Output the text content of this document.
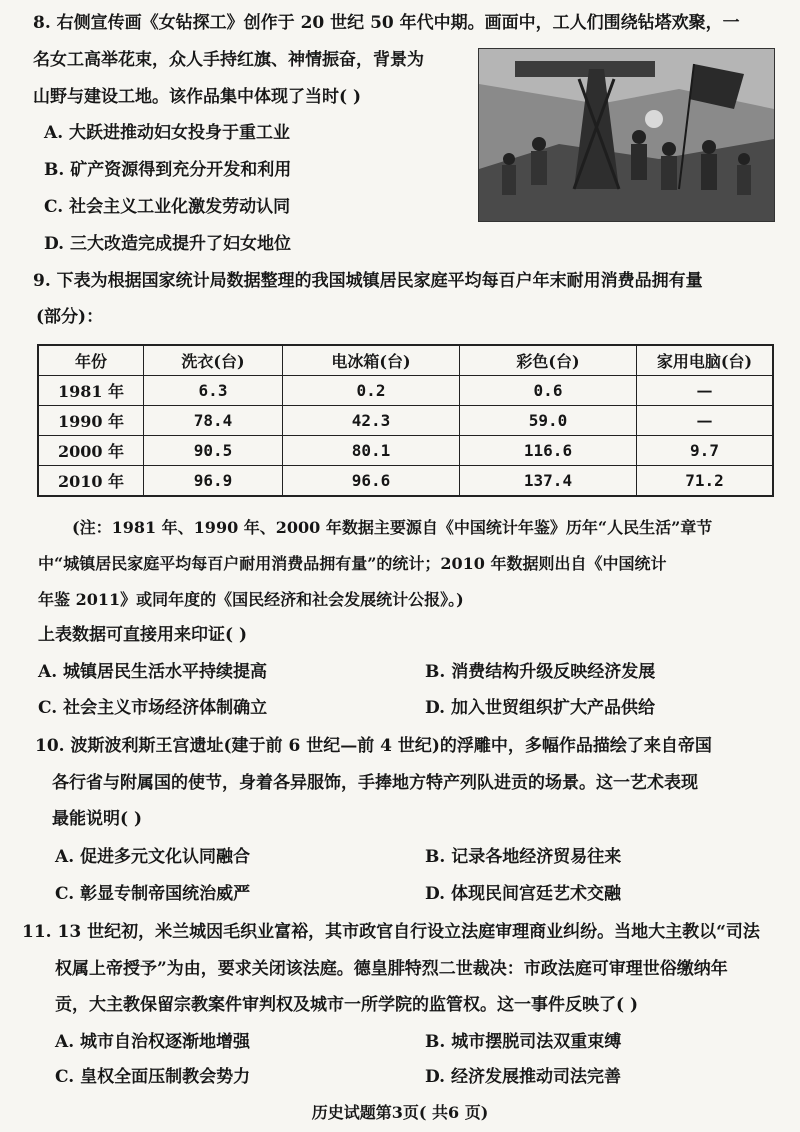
8. 右侧宣传画《女钻探工》创作于 20 世纪 50 年代中期。画面中，工人们围绕钻塔欢聚，一
名女工高举花束，众人手持红旗、神情振奋，背景为
山野与建设工地。该作品集中体现了当时( )
A. 大跃进推动妇女投身于重工业
B. 矿产资源得到充分开发和利用
C. 社会主义工业化激发劳动认同
D. 三大改造完成提升了妇女地位
9. 下表为根据国家统计局数据整理的我国城镇居民家庭平均每百户年末耐用消费品拥有量
(部分)：
年份	洗衣(台)	电冰箱(台)	彩色(台)	家用电脑(台)
1981 年	6.3	0.2	0.6	—
1990 年	78.4	42.3	59.0	—
2000 年	90.5	80.1	116.6	9.7
2010 年	96.9	96.6	137.4	71.2
(注：1981 年、1990 年、2000 年数据主要源自《中国统计年鉴》历年“人民生活”章节
中“城镇居民家庭平均每百户耐用消费品拥有量”的统计；2010 年数据则出自《中国统计
年鉴 2011》或同年度的《国民经济和社会发展统计公报》。)
上表数据可直接用来印证( )
A. 城镇居民生活水平持续提高	B. 消费结构升级反映经济发展
C. 社会主义市场经济体制确立	D. 加入世贸组织扩大产品供给
10. 波斯波利斯王宫遗址(建于前 6 世纪—前 4 世纪)的浮雕中，多幅作品描绘了来自帝国
各行省与附属国的使节，身着各异服饰，手捧地方特产列队进贡的场景。这一艺术表现
最能说明( )
A. 促进多元文化认同融合	B. 记录各地经济贸易往来
C. 彰显专制帝国统治威严	D. 体现民间宫廷艺术交融
11. 13 世纪初，米兰城因毛织业富裕，其市政官自行设立法庭审理商业纠纷。当地大主教以“司法
权属上帝授予”为由，要求关闭该法庭。德皇腓特烈二世裁决：市政法庭可审理世俗缴纳年
贡，大主教保留宗教案件审判权及城市一所学院的监管权。这一事件反映了( )
A. 城市自治权逐渐地增强	B. 城市摆脱司法双重束缚
C. 皇权全面压制教会势力	D. 经济发展推动司法完善
历史试题第3页( 共6 页)
